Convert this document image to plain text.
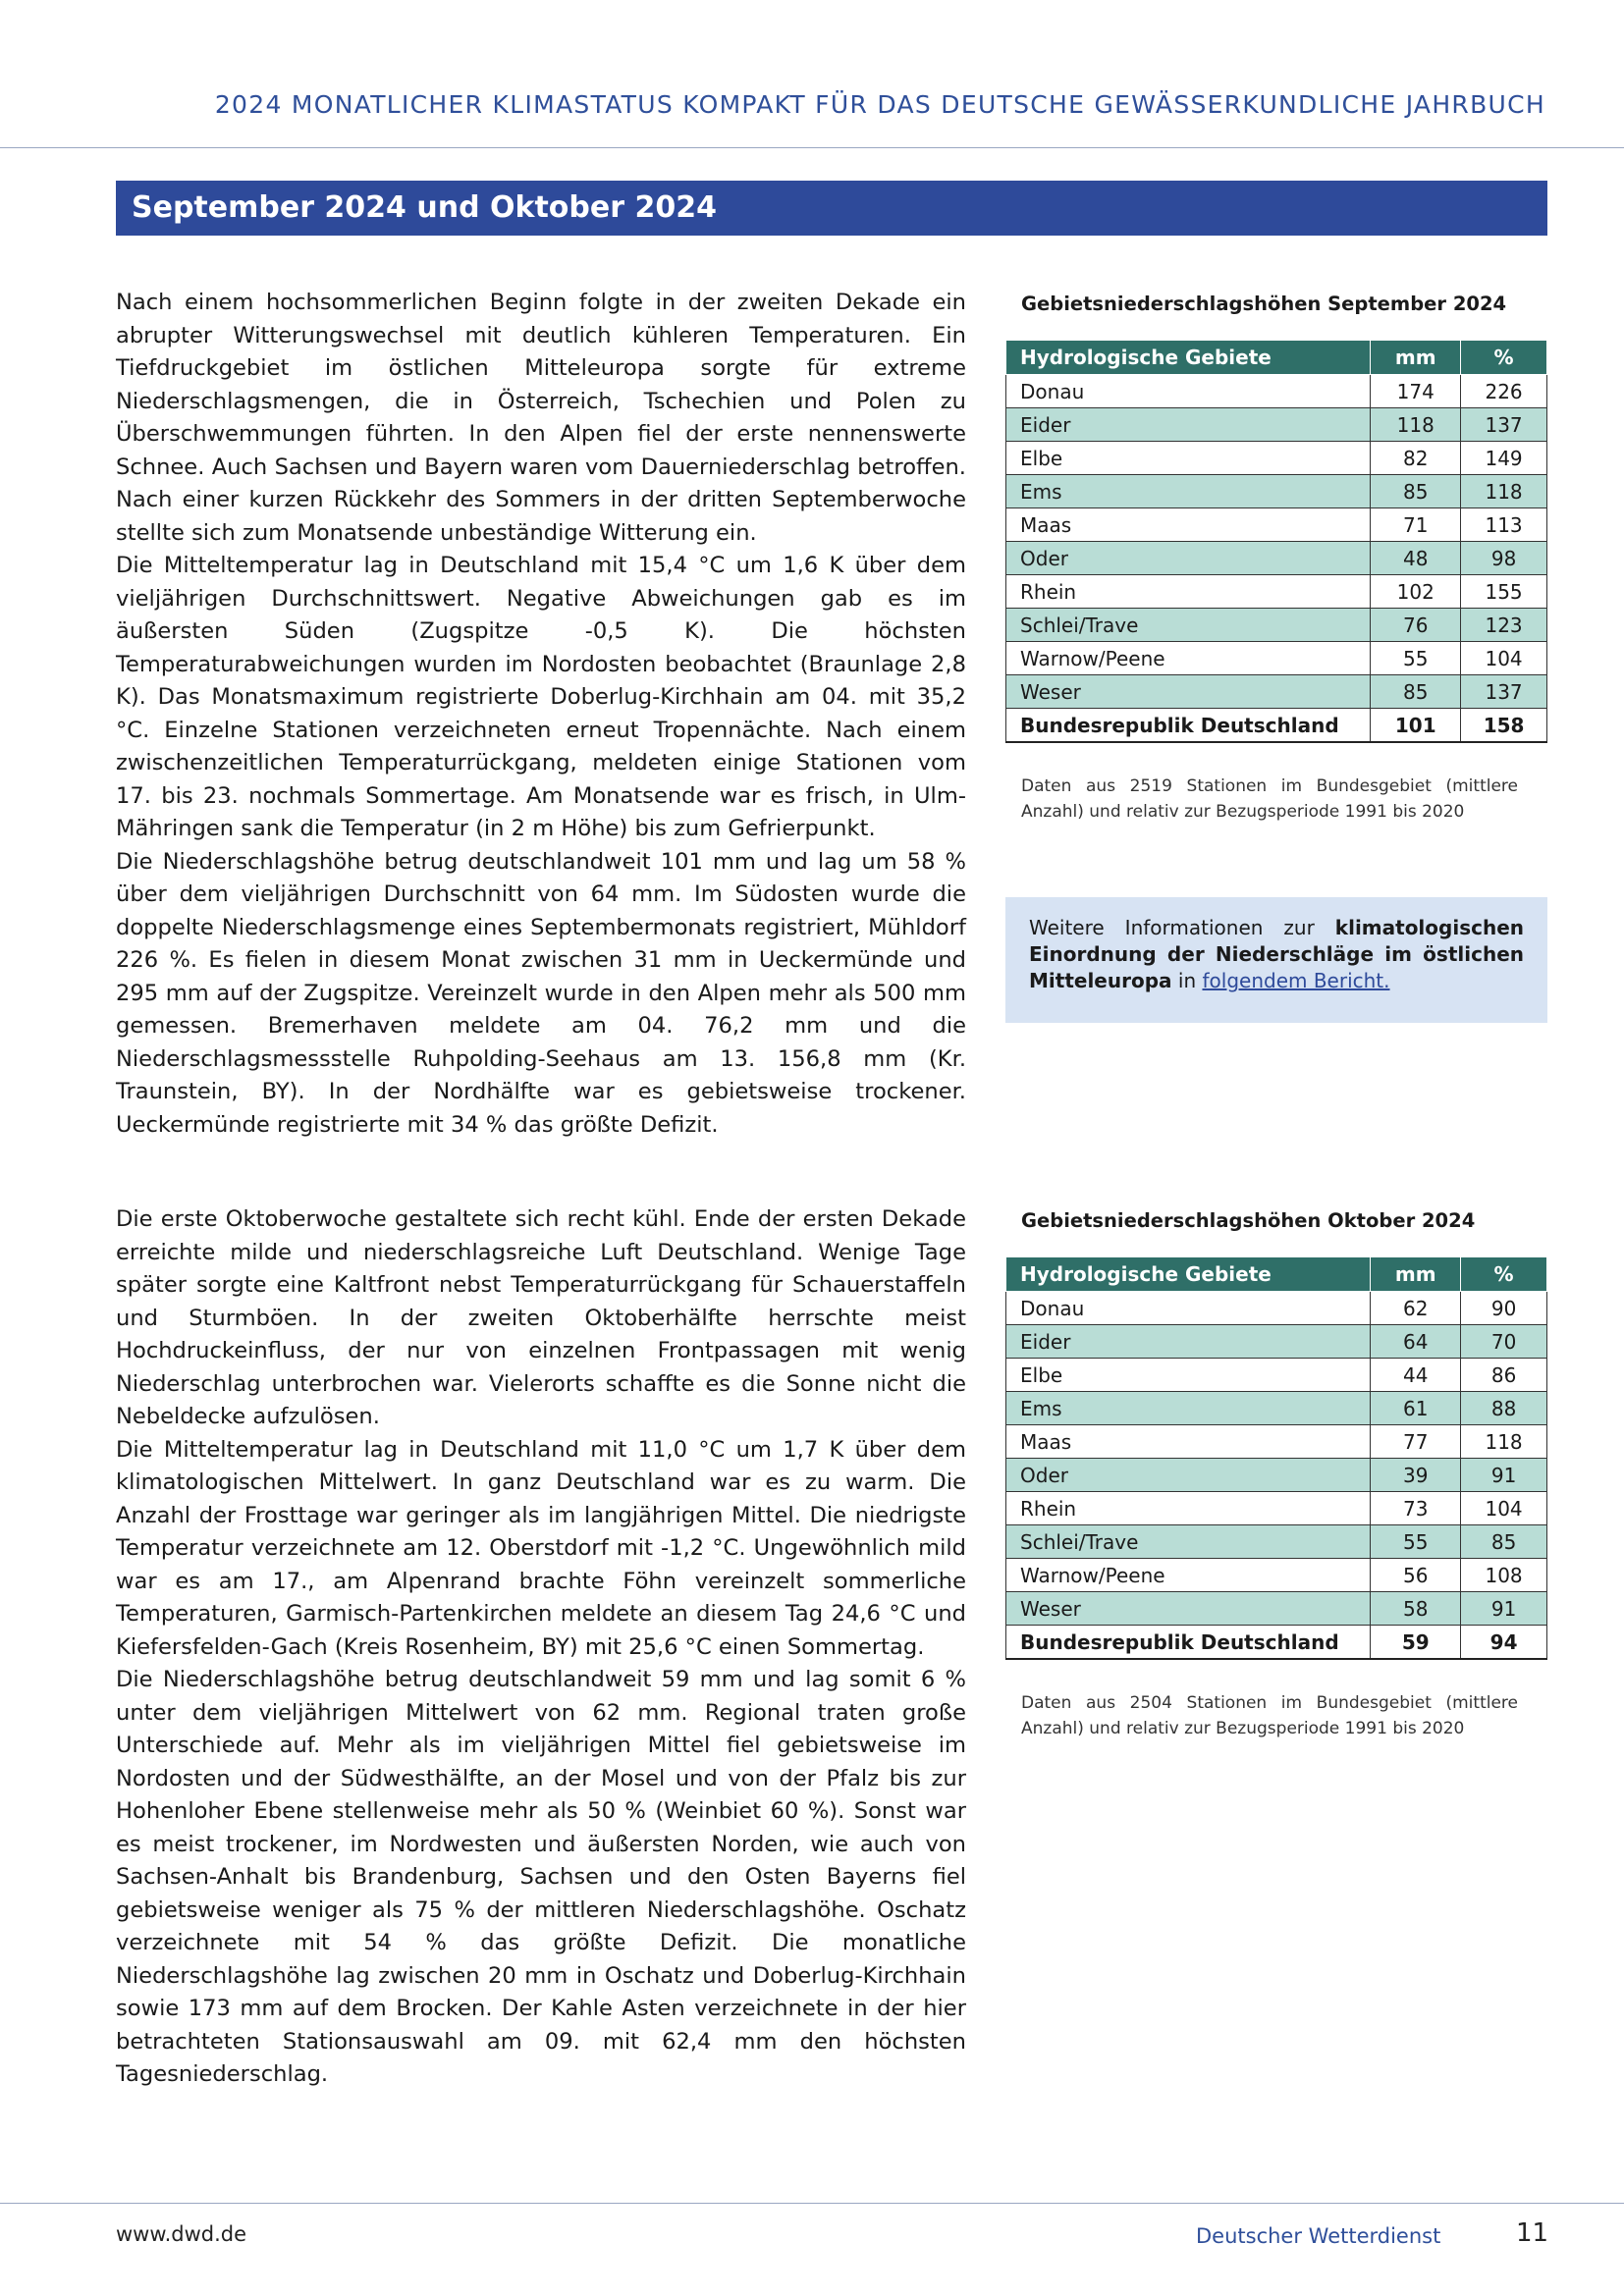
2024 MONATLICHER KLIMASTATUS KOMPAKT FÜR DAS DEUTSCHE GEWÄSSERKUNDLICHE JAHRBUCH
September 2024 und Oktober 2024

Nach einem hochsommerlichen Beginn folgte in der zweiten Dekade ein abrupter Witterungswechsel mit deutlich kühleren Temperaturen. Ein Tiefdruckgebiet im östlichen Mitteleuropa sorgte für extreme Niederschlagsmengen, die in Österreich, Tschechien und Polen zu Überschwemmungen führten. In den Alpen fiel der erste nennenswerte Schnee. Auch Sachsen und Bayern waren vom Dauerniederschlag betroffen. Nach einer kurzen Rückkehr des Sommers in der dritten Septemberwoche stellte sich zum Monatsende unbeständige Witterung ein.

Die Mitteltemperatur lag in Deutschland mit 15,4 °C um 1,6 K über dem vieljährigen Durchschnittswert. Negative Abweichungen gab es im äußersten Süden (Zugspitze -0,5 K). Die höchsten Temperaturabweichungen wurden im Nordosten beobachtet (Braunlage 2,8 K). Das Monatsmaximum registrierte Doberlug-Kirchhain am 04. mit 35,2 °C. Einzelne Stationen verzeichneten erneut Tropennächte. Nach einem zwischenzeitlichen Temperaturrückgang, meldeten einige Stationen vom 17. bis 23. nochmals Sommertage. Am Monatsende war es frisch, in Ulm-Mähringen sank die Temperatur (in 2 m Höhe) bis zum Gefrierpunkt.

Die Niederschlagshöhe betrug deutschlandweit 101 mm und lag um 58 % über dem vieljährigen Durchschnitt von 64 mm. Im Südosten wurde die doppelte Niederschlagsmenge eines Septembermonats registriert, Mühldorf 226 %. Es fielen in diesem Monat zwischen 31 mm in Ueckermünde und 295 mm auf der Zugspitze. Vereinzelt wurde in den Alpen mehr als 500 mm gemessen. Bremerhaven meldete am 04. 76,2 mm und die Niederschlagsmessstelle Ruhpolding-Seehaus am 13. 156,8 mm (Kr. Traunstein, BY). In der Nordhälfte war es gebietsweise trockener. Ueckermünde registrierte mit 34 % das größte Defizit.

Gebietsniederschlagshöhen September 2024
Hydrologische Gebiete	mm	%
Donau	174	226
Eider	118	137
Elbe	82	149
Ems	85	118
Maas	71	113
Oder	48	98
Rhein	102	155
Schlei/Trave	76	123
Warnow/Peene	55	104
Weser	85	137
Bundesrepublik Deutschland	101	158
Daten aus 2519 Stationen im Bundesgebiet (mittlere Anzahl) und relativ zur Bezugsperiode 1991 bis 2020
Weitere Informationen zur klimatologischen Einordnung der Niederschläge im östlichen Mitteleuropa in folgendem Bericht.

Die erste Oktoberwoche gestaltete sich recht kühl. Ende der ersten Dekade erreichte milde und niederschlagsreiche Luft Deutschland. Wenige Tage später sorgte eine Kaltfront nebst Temperaturrückgang für Schauerstaffeln und Sturmböen. In der zweiten Oktoberhälfte herrschte meist Hochdruckeinfluss, der nur von einzelnen Frontpassagen mit wenig Niederschlag unterbrochen war. Vielerorts schaffte es die Sonne nicht die Nebeldecke aufzulösen.

Die Mitteltemperatur lag in Deutschland mit 11,0 °C um 1,7 K über dem klimatologischen Mittelwert. In ganz Deutschland war es zu warm. Die Anzahl der Frosttage war geringer als im langjährigen Mittel. Die niedrigste Temperatur verzeichnete am 12. Oberstdorf mit -1,2 °C. Ungewöhnlich mild war es am 17., am Alpenrand brachte Föhn vereinzelt sommerliche Temperaturen, Garmisch-Partenkirchen meldete an diesem Tag 24,6 °C und Kiefersfelden-Gach (Kreis Rosenheim, BY) mit 25,6 °C einen Sommertag.

Die Niederschlagshöhe betrug deutschlandweit 59 mm und lag somit 6 % unter dem vieljährigen Mittelwert von 62 mm. Regional traten große Unterschiede auf. Mehr als im vieljährigen Mittel fiel gebietsweise im Nordosten und der Südwesthälfte, an der Mosel und von der Pfalz bis zur Hohenloher Ebene stellenweise mehr als 50 % (Weinbiet 60 %). Sonst war es meist trockener, im Nordwesten und äußersten Norden, wie auch von Sachsen-Anhalt bis Brandenburg, Sachsen und den Osten Bayerns fiel gebietsweise weniger als 75 % der mittleren Niederschlagshöhe. Oschatz verzeichnete mit 54 % das größte Defizit. Die monatliche Niederschlagshöhe lag zwischen 20 mm in Oschatz und Doberlug-Kirchhain sowie 173 mm auf dem Brocken. Der Kahle Asten verzeichnete in der hier betrachteten Stationsauswahl am 09. mit 62,4 mm den höchsten Tagesniederschlag.

Gebietsniederschlagshöhen Oktober 2024
Hydrologische Gebiete	mm	%
Donau	62	90
Eider	64	70
Elbe	44	86
Ems	61	88
Maas	77	118
Oder	39	91
Rhein	73	104
Schlei/Trave	55	85
Warnow/Peene	56	108
Weser	58	91
Bundesrepublik Deutschland	59	94
Daten aus 2504 Stationen im Bundesgebiet (mittlere Anzahl) und relativ zur Bezugsperiode 1991 bis 2020
www.dwd.de	Deutscher Wetterdienst	11
